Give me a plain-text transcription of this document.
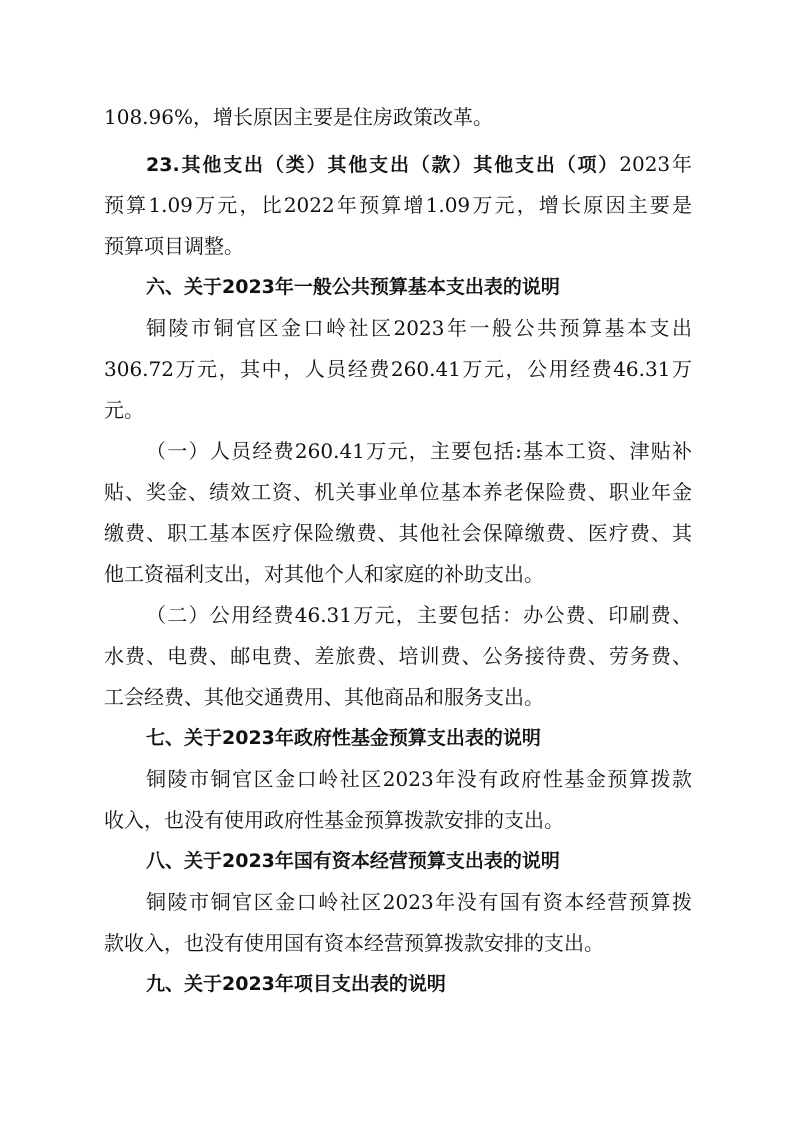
108.96%，增长原因主要是住房政策改革。
23.其他支出（类）其他支出（款）其他支出（项）2023年
预算1.09万元，比2022年预算增1.09万元，增长原因主要是
预算项目调整。
六、关于2023年一般公共预算基本支出表的说明
铜陵市铜官区金口岭社区2023年一般公共预算基本支出
306.72万元，其中，人员经费260.41万元，公用经费46.31万
元。
（一）人员经费260.41万元，主要包括:基本工资、津贴补
贴、奖金、绩效工资、机关事业单位基本养老保险费、职业年金
缴费、职工基本医疗保险缴费、其他社会保障缴费、医疗费、其
他工资福利支出，对其他个人和家庭的补助支出。
（二）公用经费46.31万元，主要包括：办公费、印刷费、
水费、电费、邮电费、差旅费、培训费、公务接待费、劳务费、
工会经费、其他交通费用、其他商品和服务支出。
七、关于2023年政府性基金预算支出表的说明
铜陵市铜官区金口岭社区2023年没有政府性基金预算拨款
收入，也没有使用政府性基金预算拨款安排的支出。
八、关于2023年国有资本经营预算支出表的说明
铜陵市铜官区金口岭社区2023年没有国有资本经营预算拨
款收入，也没有使用国有资本经营预算拨款安排的支出。
九、关于2023年项目支出表的说明
